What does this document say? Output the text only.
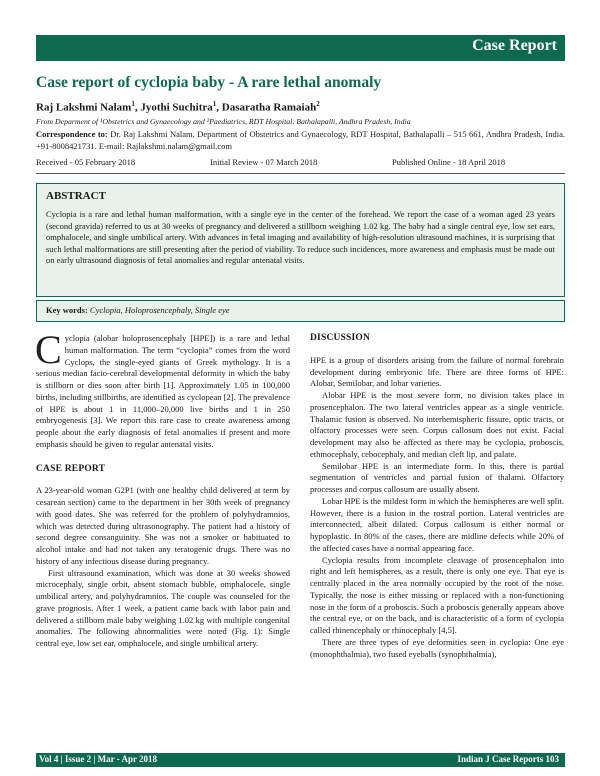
Case Report
Case report of cyclopia baby - A rare lethal anomaly
Raj Lakshmi Nalam$^1$, Jyothi Suchitra$^1$, Dasaratha Ramaiah$^2$
From Deparment of ¹Obstetrics and Gynaecology and ²Paediatrics, RDT Hospital, Bathalapalli, Andhra Pradesh, India
Correspondence to: Dr. Raj Lakshmi Nalam, Department of Obstetrics and Gynaecology, RDT Hospital, Bathalapalli – 515 661, Andhra Pradesh, India. +91-8008421731. E-mail: Rajlakshmi.nalam@gmail.com
Received - 05 February 2018	Initial Review - 07 March 2018	Published Online - 18 April 2018
ABSTRACT
Cyclopia is a rare and lethal human malformation, with a single eye in the center of the forehead. We report the case of a woman aged 23 years (second gravida) referred to us at 30 weeks of pregnancy and delivered a stillborn weighing 1.02 kg. The baby had a single central eye, low set ears, omphalocele, and single umbilical artery. With advances in fetal imaging and availability of high-resolution ultrasound machines, it is surprising that such lethal malformations are still presenting after the period of viability. To reduce such incidences, more awareness and emphasis must be made out on early ultrasound diagnosis of fetal anomalies and regular antenatal visits.
Key words: Cyclopia, Holoprosencephaly, Single eye

Cyclopia (alobar holoprosencephaly [HPE]) is a rare and lethal human malformation. The term “cyclopia” comes from the word Cyclops, the single-eyed giants of Greek mythology. It is a serious median facio-cerebral developmental deformity in which the baby is stillborn or dies soon after birth [1]. Approximately 1.05 in 100,000 births, including stillbirths, are identified as cyclopean [2]. The prevalence of HPE is about 1 in 11,000–20,000 live births and 1 in 250 embryogenesis [3]. We report this rare case to create awareness among people about the early diagnosis of fetal anomalies if present and more emphasis should be given to regular antenatal visits.

CASE REPORT

A 23-year-old woman G2P1 (with one healthy child delivered at term by cesarean section) came to the department in her 30th week of pregnancy with good dates. She was referred for the problem of polyhydramnios, which was detected during ultrasonography. The patient had a history of second degree consanguinity. She was not a smoker or habituated to alcohol intake and had not taken any teratogenic drugs. There was no history of any infectious disease during pregnancy.

First ultrasound examination, which was done at 30 weeks showed microcephaly, single orbit, absent stomach bubble, omphalocele, single umbilical artery, and polyhydramnios. The couple was counseled for the grave prognosis. After 1 week, a patient came back with labor pain and delivered a stillborn male baby weighing 1.02 kg with multiple congenital anomalies. The following abnormalities were noted (Fig. 1): Single central eye, low set ear, omphalocele, and single umbilical artery.

DISCUSSION

HPE is a group of disorders arising from the failure of normal forebrain development during embryonic life. There are three forms of HPE: Alobar, Semilobar, and lobar varieties.

Alobar HPE is the most severe form, no division takes place in prosencephalon. The two lateral ventricles appear as a single ventricle. Thalamic fusion is observed. No interhemispheric fissure, optic tracts, or olfactory processes were seen. Corpus callosum does not exist. Facial development may also be affected as there may be cyclopia, proboscis, ethmocephaly, cebocephaly, and median cleft lip, and palate.

Semilobar HPE is an intermediate form. In this, there is partial segmentation of ventricles and partial fusion of thalami. Olfactory processes and corpus callosum are usually absent.

Lobar HPE is the mildest form in which the hemispheres are well split. However, there is a fusion in the rostral portion. Lateral ventricles are interconnected, albeit dilated. Corpus callosum is either normal or hypoplastic. In 80% of the cases, there are midline defects while 20% of the affected cases have a normal appearing face.

Cyclopia results from incomplete cleavage of prosencephalon into right and left hemispheres, as a result, there is only one eye. That eye is centrally placed in the area normally occupied by the root of the nose. Typically, the nose is either missing or replaced with a non-functioning nose in the form of a proboscis. Such a proboscis generally appears above the central eye, or on the back, and is characteristic of a form of cyclopia called rhinencephaly or rhinocephaly [4,5].

There are three types of eye deformities seen in cyclopia: One eye (monophthalmia), two fused eyeballs (synophthalmia),

Vol 4 | Issue 2 | Mar - Apr 2018	Indian J Case Reports 103
